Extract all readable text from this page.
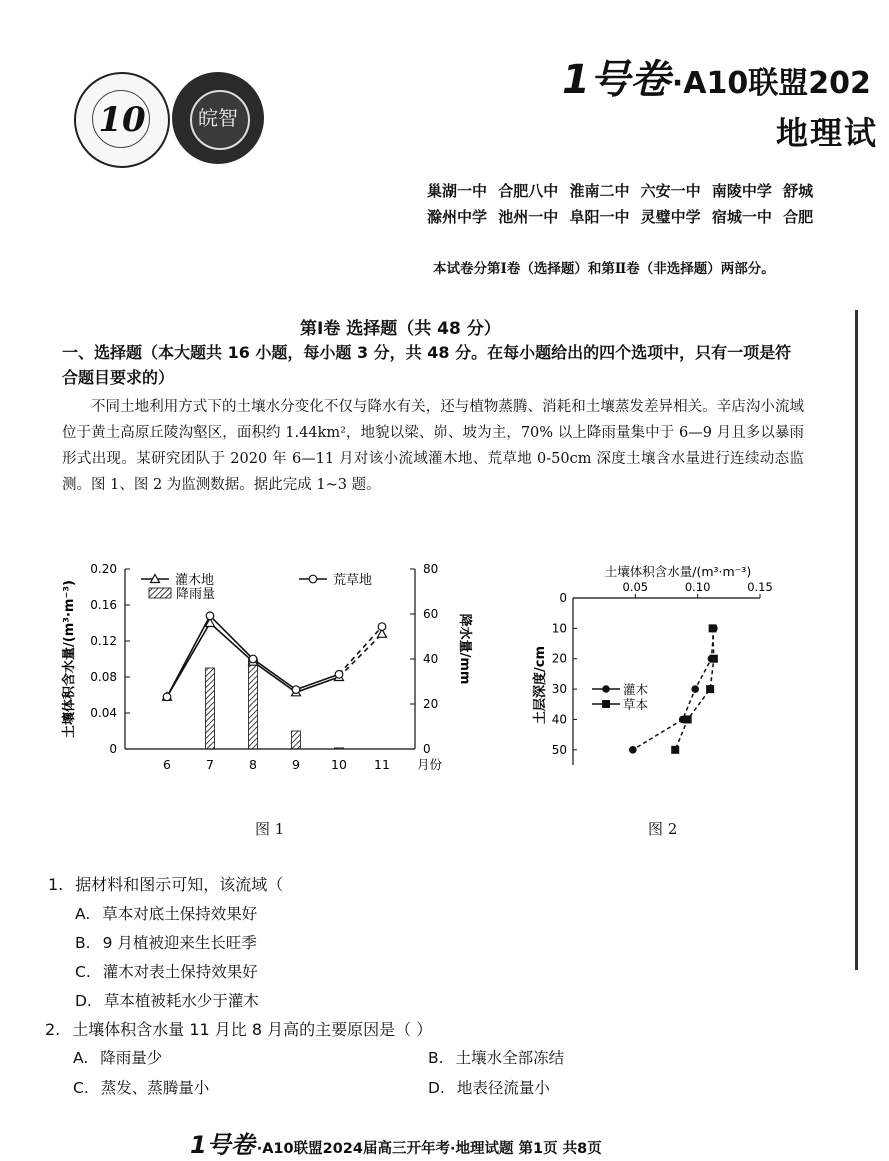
10	皖智
1号卷·A10联盟202
地理试
巢湖一中 合肥八中 淮南二中 六安一中 南陵中学 舒城
滁州中学 池州一中 阜阳一中 灵璧中学 宿城一中 合肥
本试卷分第Ⅰ卷（选择题）和第Ⅱ卷（非选择题）两部分。
第Ⅰ卷 选择题（共 48 分）
一、选择题（本大题共 16 小题，每小题 3 分，共 48 分。在每小题给出的四个选项中，只有一项是符合题目要求的）
不同土地利用方式下的土壤水分变化不仅与降水有关，还与植物蒸腾、消耗和土壤蒸发差异相关。辛店沟小流域位于黄土高原丘陵沟壑区，面积约 1.44km²，地貌以梁、峁、坡为主，70% 以上降雨量集中于 6—9 月且多以暴雨形式出现。某研究团队于 2020 年 6—11 月对该小流域灌木地、荒草地 0-50cm 深度土壤含水量进行连续动态监测。图 1、图 2 为监测数据。据此完成 1~3 题。
0
0.04
0.08
0.12
0.16
0.20
0
20
40
60
80
6	7	8	9 10 11 月份
土壤体积含水量/(m³·m⁻³)	降水量/mm
灌木地	荒草地
降雨量
图 1
0.05	0.10	0.15
土壤体积含水量/(m³·m⁻³)
0
10
20
30
40
50
土层深度/cm	灌木
草本
图 2
1. 据材料和图示可知，该流域（
A. 草本对底土保持效果好
B. 9 月植被迎来生长旺季
C. 灌木对表土保持效果好
D. 草本植被耗水少于灌木
2. 土壤体积含水量 11 月比 8 月高的主要原因是（ ）
A. 降雨量少	B. 土壤水全部冻结
C. 蒸发、蒸腾量小	D. 地表径流量小
1号卷 ·A10联盟2024届高三开年考·地理试题 第1页 共8页
